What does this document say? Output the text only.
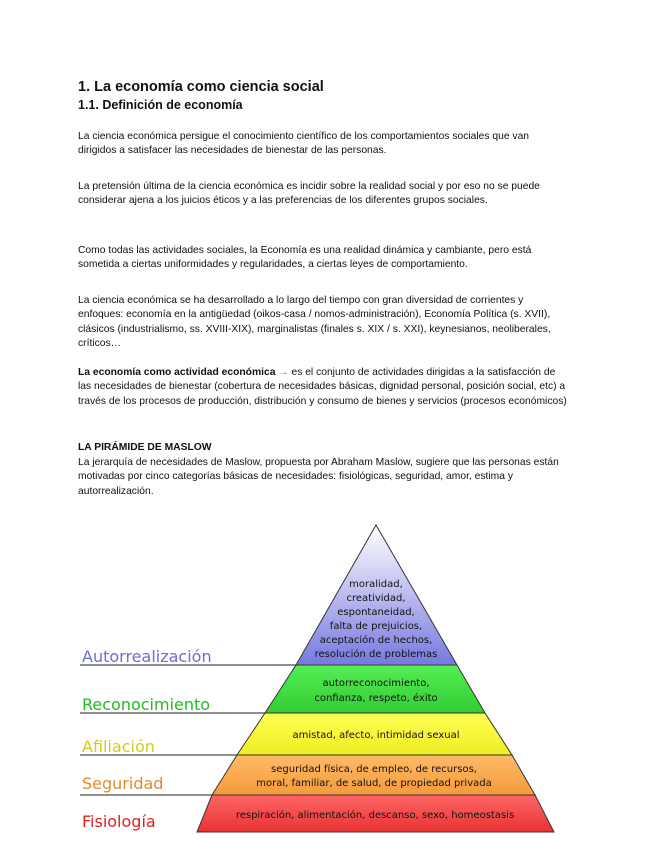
1. La economía como ciencia social
1.1. Definición de economía

La ciencia económica persigue el conocimiento científico de los comportamientos sociales que van dirigidos a satisfacer las necesidades de bienestar de las personas.

La pretensión última de la ciencia económica es incidir sobre la realidad social y por eso no se puede considerar ajena a los juicios éticos y a las preferencias de los diferentes grupos sociales.

Como todas las actividades sociales, la Economía es una realidad dinámica y cambiante, pero está sometida a ciertas uniformidades y regularidades, a ciertas leyes de comportamiento.

La ciencia económica se ha desarrollado a lo largo del tiempo con gran diversidad de corrientes y enfoques: economía en la antigüedad (oikos-casa / nomos-administración), Economía Política (s. XVII), clásicos (industrialismo, ss. XVIII-XIX), marginalistas (finales s. XIX / s. XXI), keynesianos, neoliberales, críticos…

La economía como actividad económica → es el conjunto de actividades dirigidas a la satisfacción de las necesidades de bienestar (cobertura de necesidades básicas, dignidad personal, posición social, etc) a través de los procesos de producción, distribución y consumo de bienes y servicios (procesos económicos)

LA PIRÁMIDE DE MASLOW

La jerarquía de necesidades de Maslow, propuesta por Abraham Maslow, sugiere que las personas están motivadas por cinco categorías básicas de necesidades: fisiológicas, seguridad, amor, estima y autorrealización.

moralidad,
creatividad,
espontaneidad,
falta de prejuicios,
aceptación de hechos,
resolución de problemas
autorreconocimiento,
confianza, respeto, éxito
amistad, afecto, intimidad sexual
seguridad física, de empleo, de recursos,
moral, familiar, de salud, de propiedad privada
respiración, alimentación, descanso, sexo, homeostasis
Autorrealización
Reconocimiento
Afiliación
Seguridad
Fisiología
